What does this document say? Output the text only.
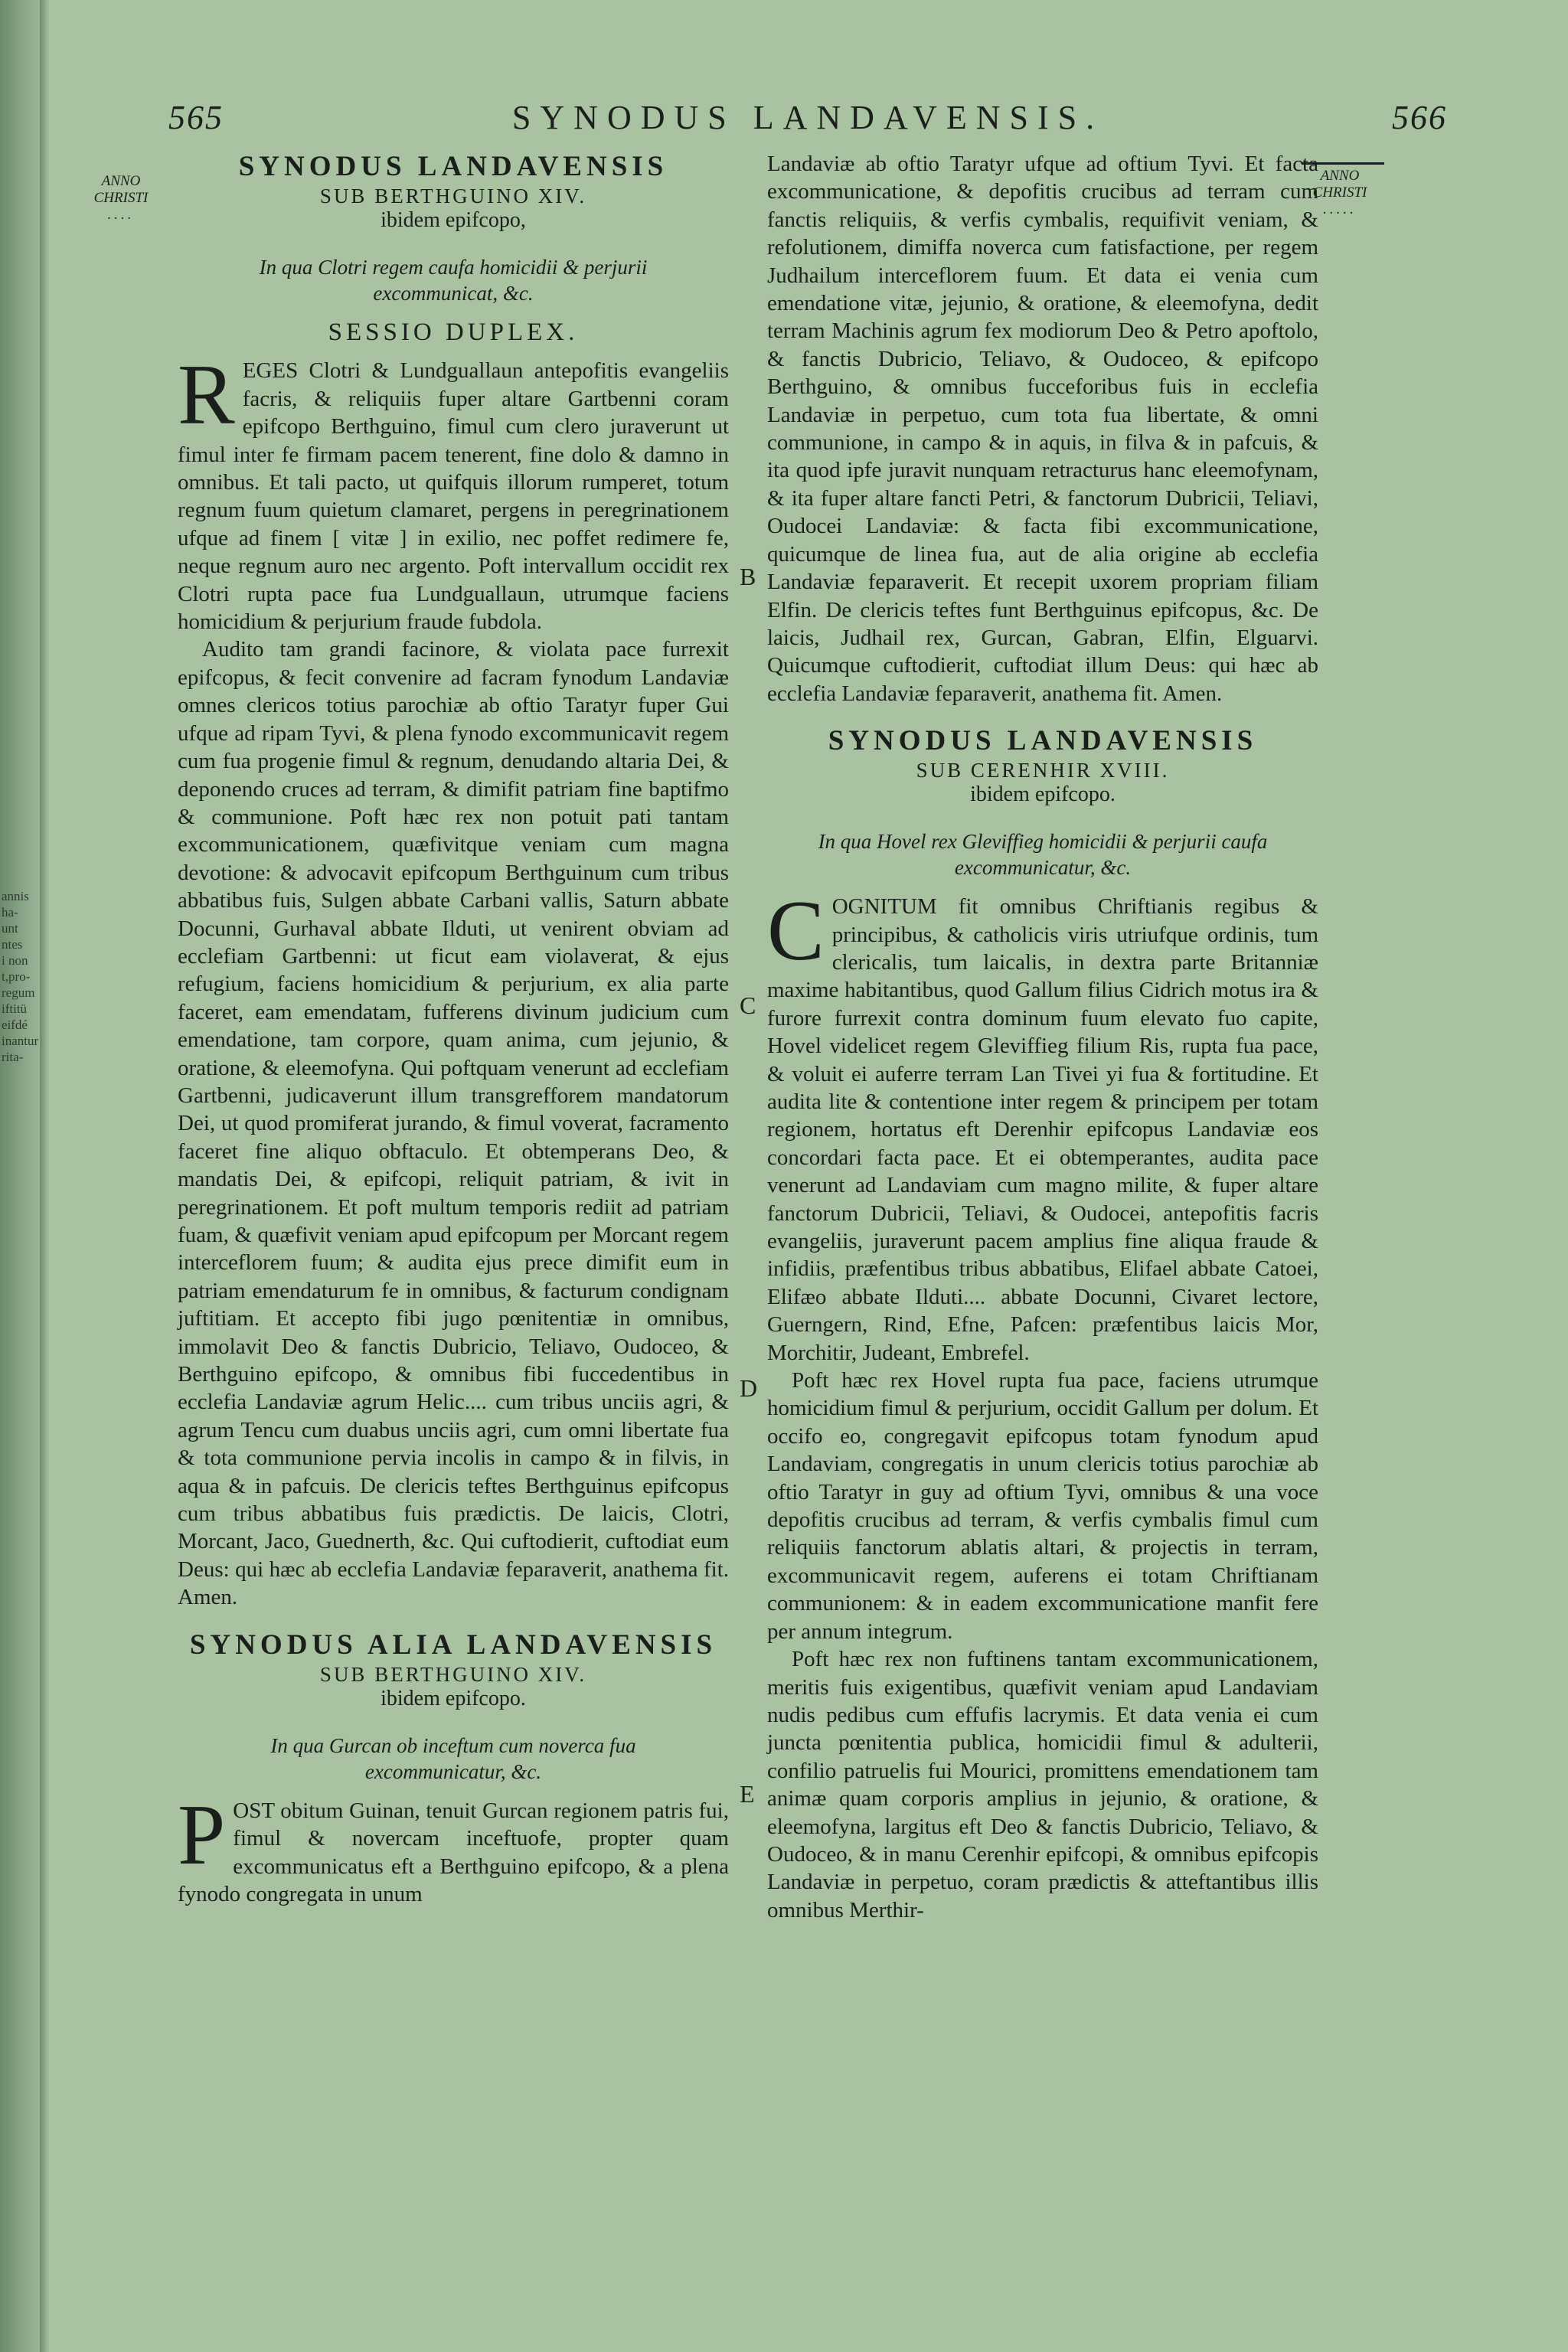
annis
ha-
unt
ntes
i non
t,pro-
regum
iftitü
eifdé
inantur
rita-
565	SYNODUS LANDAVENSIS.	566
ANNO
CHRISTI
....
ANNO
CHRISTI
.....
B
C
D
E
SYNODUS LANDAVENSIS
SUB BERTHGUINO XIV.
ibidem epifcopo,
In qua Clotri regem caufa homicidii & perjurii excommunicat, &c.
SESSIO DUPLEX.

REGES Clotri & Lundguallaun antepofitis evangeliis facris, & reliquiis fuper altare Gartbenni coram epifcopo Berthguino, fimul cum clero juraverunt ut fimul inter fe firmam pacem tenerent, fine dolo & damno in omnibus. Et tali pacto, ut quifquis illorum rumperet, totum regnum fuum quietum clamaret, pergens in peregrinationem ufque ad finem [ vitæ ] in exilio, nec poffet redimere fe, neque regnum auro nec argento. Poft intervallum occidit rex Clotri rupta pace fua Lundguallaun, utrumque faciens homicidium & perjurium fraude fubdola.

Audito tam grandi facinore, & violata pace furrexit epifcopus, & fecit convenire ad facram fynodum Landaviæ omnes clericos totius parochiæ ab oftio Taratyr fuper Gui ufque ad ripam Tyvi, & plena fynodo excommunicavit regem cum fua progenie fimul & regnum, denudando altaria Dei, & deponendo cruces ad terram, & dimifit patriam fine baptifmo & communione. Poft hæc rex non potuit pati tantam excommunicationem, quæfivitque veniam cum magna devotione: & advocavit epifcopum Berthguinum cum tribus abbatibus fuis, Sulgen abbate Carbani vallis, Saturn abbate Docunni, Gurhaval abbate Ilduti, ut venirent obviam ad ecclefiam Gartbenni: ut ficut eam violaverat, & ejus refugium, faciens homicidium & perjurium, ex alia parte faceret, eam emendatam, fufferens divinum judicium cum emendatione, tam corpore, quam anima, cum jejunio, & oratione, & eleemofyna. Qui poftquam venerunt ad ecclefiam Gartbenni, judicaverunt illum transgrefforem mandatorum Dei, ut quod promiferat jurando, & fimul voverat, facramento faceret fine aliquo obftaculo. Et obtemperans Deo, & mandatis Dei, & epifcopi, reliquit patriam, & ivit in peregrinationem. Et poft multum temporis rediit ad patriam fuam, & quæfivit veniam apud epifcopum per Morcant regem interceflorem fuum; & audita ejus prece dimifit eum in patriam emendaturum fe in omnibus, & facturum condignam juftitiam. Et accepto fibi jugo pœnitentiæ in omnibus, immolavit Deo & fanctis Dubricio, Teliavo, Oudoceo, & Berthguino epifcopo, & omnibus fibi fuccedentibus in ecclefia Landaviæ agrum Helic.... cum tribus unciis agri, & agrum Tencu cum duabus unciis agri, cum omni libertate fua & tota communione pervia incolis in campo & in filvis, in aqua & in pafcuis. De clericis teftes Berthguinus epifcopus cum tribus abbatibus fuis prædictis. De laicis, Clotri, Morcant, Jaco, Guednerth, &c. Qui cuftodierit, cuftodiat eum Deus: qui hæc ab ecclefia Landaviæ feparaverit, anathema fit. Amen.

SYNODUS ALIA LANDAVENSIS
SUB BERTHGUINO XIV.
ibidem epifcopo.
In qua Gurcan ob inceftum cum noverca fua excommunicatur, &c.

POST obitum Guinan, tenuit Gurcan regionem patris fui, fimul & novercam inceftuofe, propter quam excommunicatus eft a Berthguino epifcopo, & a plena fynodo congregata in unum

Landaviæ ab oftio Taratyr ufque ad oftium Tyvi. Et facta excommunicatione, & depofitis crucibus ad terram cum fanctis reliquiis, & verfis cymbalis, requifivit veniam, & refolutionem, dimiffa noverca cum fatisfactione, per regem Judhailum interceflorem fuum. Et data ei venia cum emendatione vitæ, jejunio, & oratione, & eleemofyna, dedit terram Machinis agrum fex modiorum Deo & Petro apoftolo, & fanctis Dubricio, Teliavo, & Oudoceo, & epifcopo Berthguino, & omnibus fucceforibus fuis in ecclefia Landaviæ in perpetuo, cum tota fua libertate, & omni communione, in campo & in aquis, in filva & in pafcuis, & ita quod ipfe juravit nunquam retracturus hanc eleemofynam, & ita fuper altare fancti Petri, & fanctorum Dubricii, Teliavi, Oudocei Landaviæ: & facta fibi excommunicatione, quicumque de linea fua, aut de alia origine ab ecclefia Landaviæ feparaverit. Et recepit uxorem propriam filiam Elfin. De clericis teftes funt Berthguinus epifcopus, &c. De laicis, Judhail rex, Gurcan, Gabran, Elfin, Elguarvi. Quicumque cuftodierit, cuftodiat illum Deus: qui hæc ab ecclefia Landaviæ feparaverit, anathema fit. Amen.

SYNODUS LANDAVENSIS
SUB CERENHIR XVIII.
ibidem epifcopo.
In qua Hovel rex Gleviffieg homicidii & perjurii caufa excommunicatur, &c.

COGNITUM fit omnibus Chriftianis regibus & principibus, & catholicis viris utriufque ordinis, tum clericalis, tum laicalis, in dextra parte Britanniæ maxime habitantibus, quod Gallum filius Cidrich motus ira & furore furrexit contra dominum fuum elevato fuo capite, Hovel videlicet regem Gleviffieg filium Ris, rupta fua pace, & voluit ei auferre terram Lan Tivei yi fua & fortitudine. Et audita lite & contentione inter regem & principem per totam regionem, hortatus eft Derenhir epifcopus Landaviæ eos concordari facta pace. Et ei obtemperantes, audita pace venerunt ad Landaviam cum magno milite, & fuper altare fanctorum Dubricii, Teliavi, & Oudocei, antepofitis facris evangeliis, juraverunt pacem amplius fine aliqua fraude & infidiis, præfentibus tribus abbatibus, Elifael abbate Catoei, Elifæo abbate Ilduti.... abbate Docunni, Civaret lectore, Guerngern, Rind, Efne, Pafcen: præfentibus laicis Mor, Morchitir, Judeant, Embrefel.

Poft hæc rex Hovel rupta fua pace, faciens utrumque homicidium fimul & perjurium, occidit Gallum per dolum. Et occifo eo, congregavit epifcopus totam fynodum apud Landaviam, congregatis in unum clericis totius parochiæ ab oftio Taratyr in guy ad oftium Tyvi, omnibus & una voce depofitis crucibus ad terram, & verfis cymbalis fimul cum reliquiis fanctorum ablatis altari, & projectis in terram, excommunicavit regem, auferens ei totam Chriftianam communionem: & in eadem excommunicatione manfit fere per annum integrum.

Poft hæc rex non fuftinens tantam excommunicationem, meritis fuis exigentibus, quæfivit veniam apud Landaviam nudis pedibus cum effufis lacrymis. Et data venia ei cum juncta pœnitentia publica, homicidii fimul & adulterii, confilio patruelis fui Mourici, promittens emendationem tam animæ quam corporis amplius in jejunio, & oratione, & eleemofyna, largitus eft Deo & fanctis Dubricio, Teliavo, & Oudoceo, & in manu Cerenhir epifcopi, & omnibus epifcopis Landaviæ in perpetuo, coram prædictis & atteftantibus illis omnibus Merthir-
